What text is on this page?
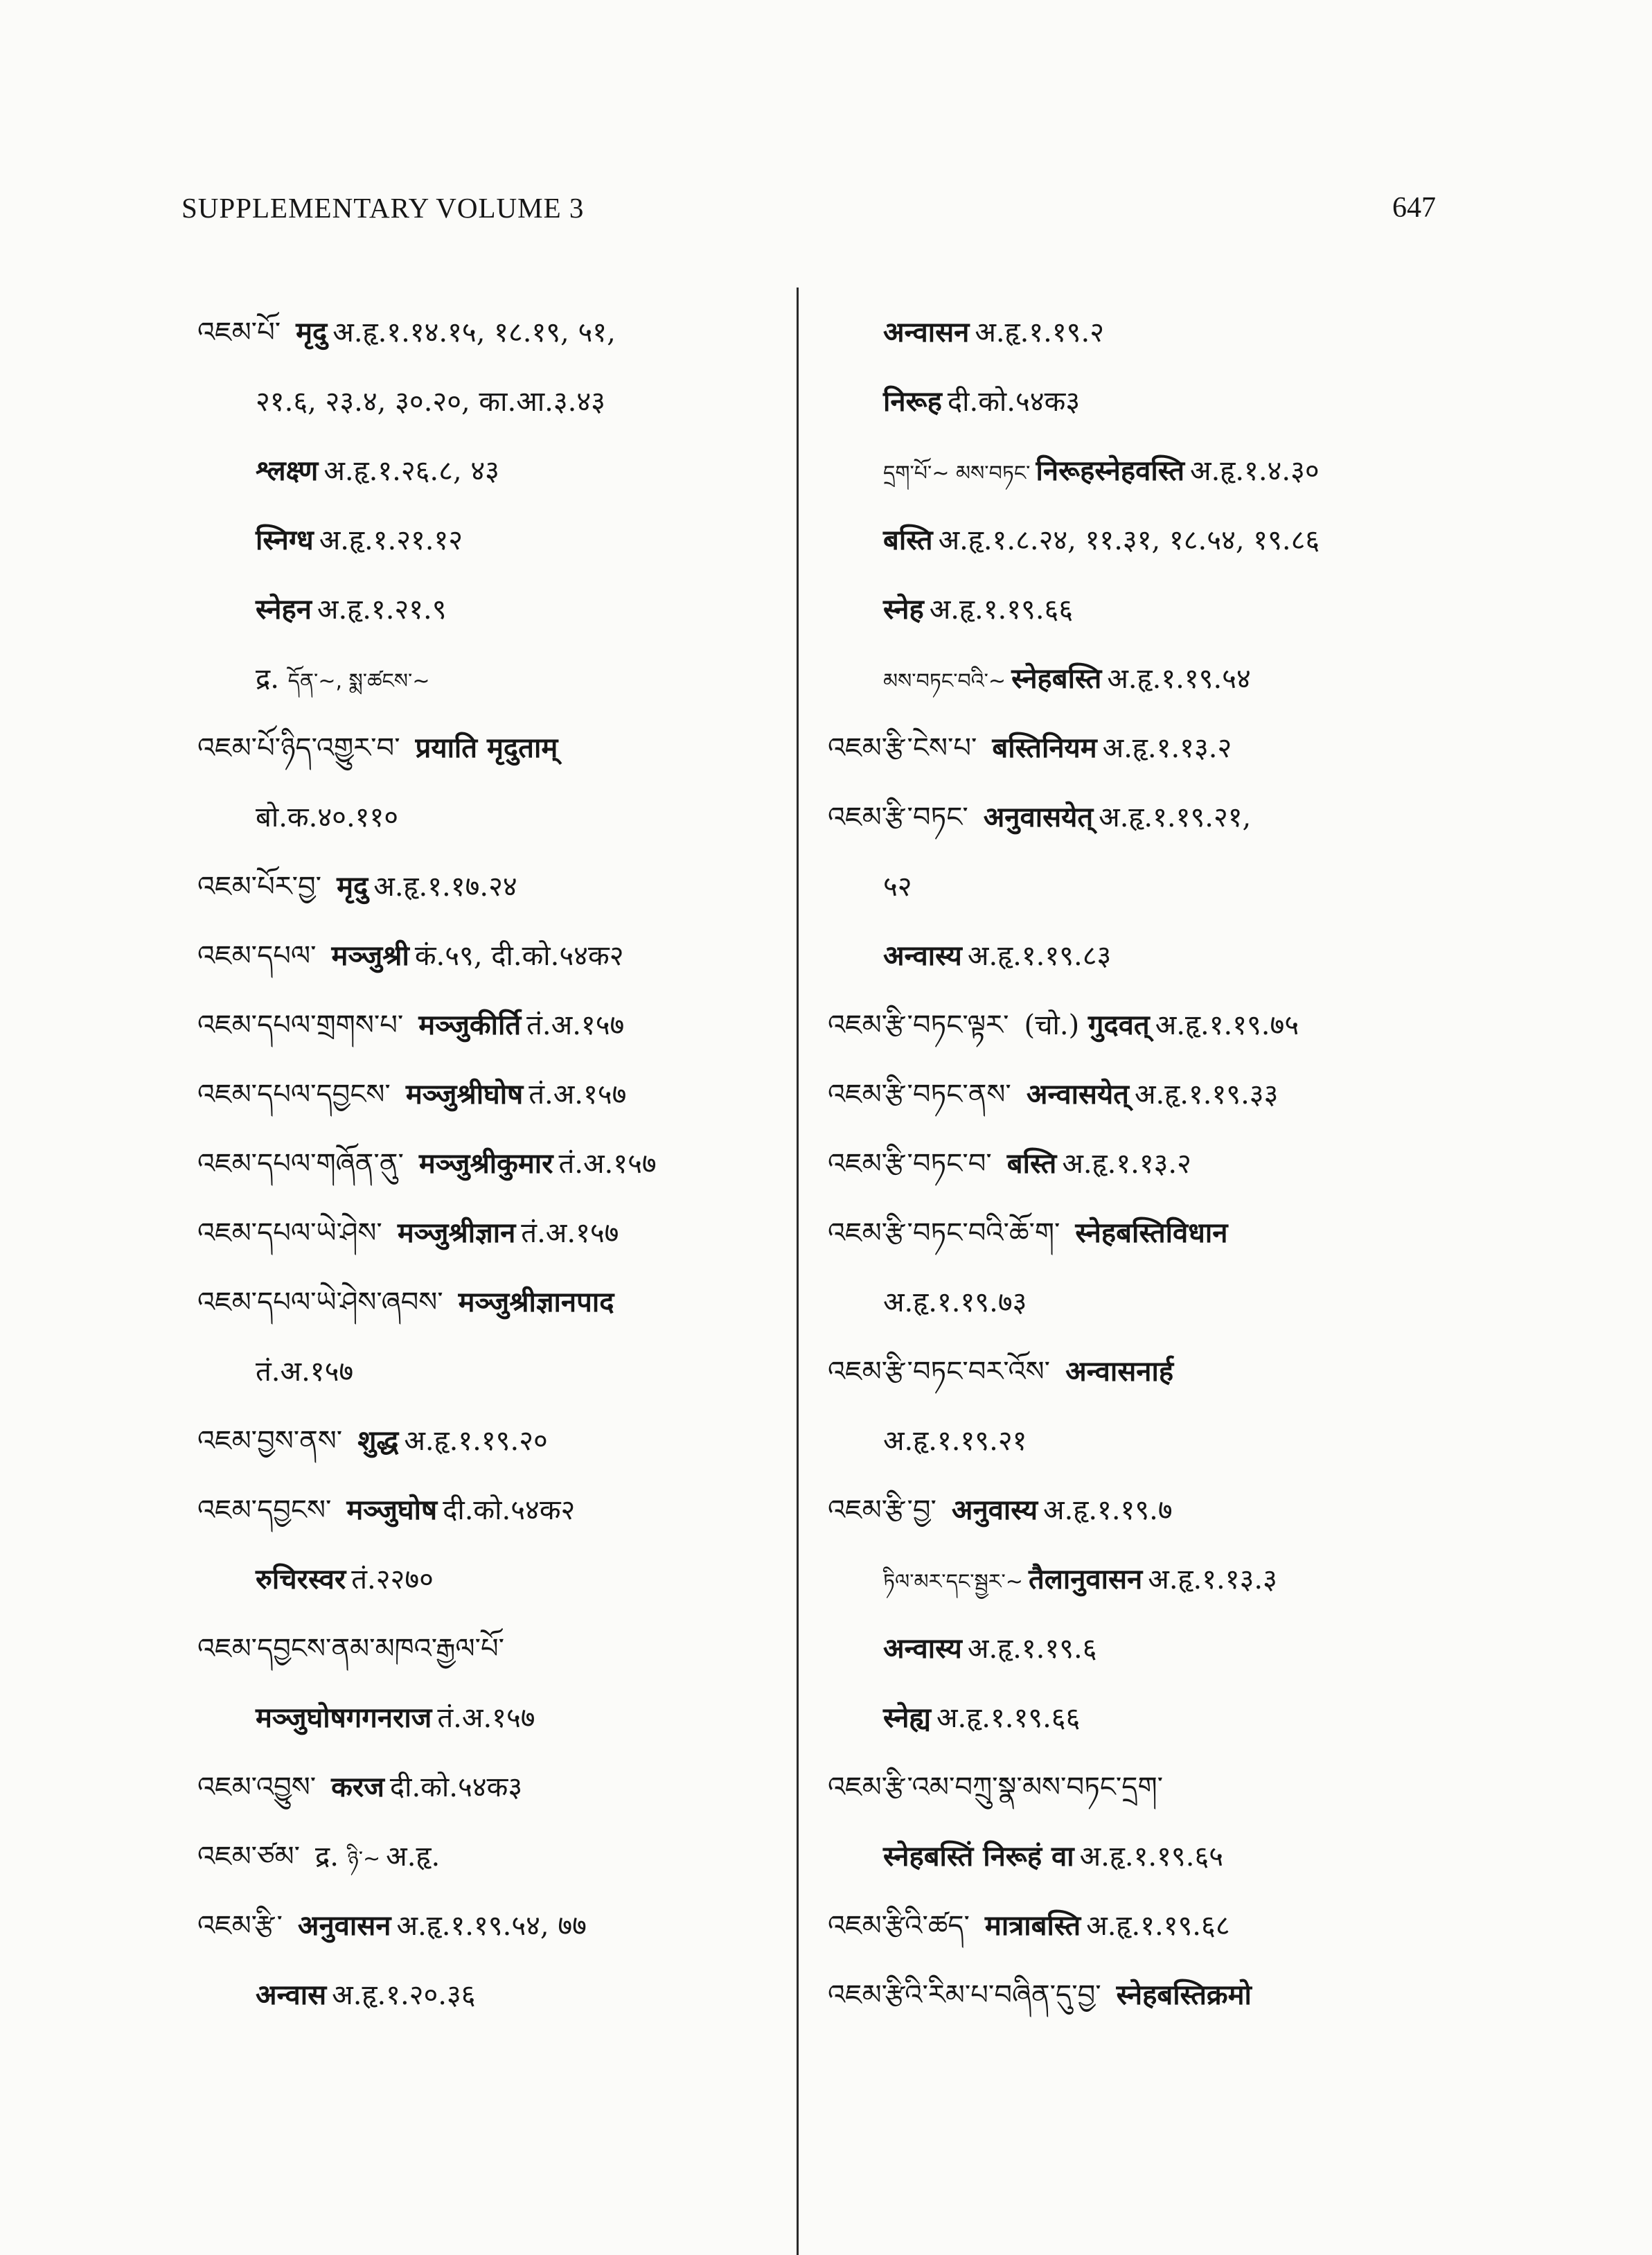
SUPPLEMENTARY VOLUME 3	647
འཇམ་པོ་ मृदु अ.हृ.१.१४.१५, १८.१९, ५१,
२१.६, २३.४, ३०.२०, का.आ.३.४३
श्लक्ष्ण अ.हृ.१.२६.८, ४३
स्निग्ध अ.हृ.१.२१.१२
स्नेहन अ.हृ.१.२१.९
द्र. དོན་~, སྨ་ཚངས་~
འཇམ་པོ་ཉིད་འགྱུར་བ་ प्रयाति मृदुताम्
बो.क.४०.११०
འཇམ་པོར་བྱ་ मृदु अ.हृ.१.१७.२४
འཇམ་དཔལ་ मञ्जुश्री कं.५९, दी.को.५४क२
འཇམ་དཔལ་གྲགས་པ་ मञ्जुकीर्ति तं.अ.१५७
འཇམ་དཔལ་དབྱངས་ मञ्जुश्रीघोष तं.अ.१५७
འཇམ་དཔལ་གཞོན་ནུ་ मञ्जुश्रीकुमार तं.अ.१५७
འཇམ་དཔལ་ཡེ་ཤེས་ मञ्जुश्रीज्ञान तं.अ.१५७
འཇམ་དཔལ་ཡེ་ཤེས་ཞབས་ मञ्जुश्रीज्ञानपाद
तं.अ.१५७
འཇམ་བྱས་ནས་ शुद्ध अ.हृ.१.१९.२०
འཇམ་དབྱངས་ मञ्जुघोष दी.को.५४क२
रुचिरस्वर तं.२२७०
འཇམ་དབྱངས་ནམ་མཁའ་རྒྱལ་པོ་
मञ्जुघोषगगनराज तं.अ.१५७
འཇམ་འབྱུས་ करज दी.को.५४क३
འཇམ་ཙམ་ द्र. ཉི་~ अ.हृ.
འཇམ་རྩི་ अनुवासन अ.हृ.१.१९.५४, ७७
अन्वास अ.हृ.१.२०.३६
अन्वासन अ.हृ.१.१९.२
निरूह दी.को.५४क३
དྲག་པོ་~ མས་བཏང་ निरूहस्नेहवस्ति अ.हृ.१.४.३०
बस्ति अ.हृ.१.८.२४, ११.३१, १८.५४, १९.८६
स्नेह अ.हृ.१.१९.६६
མས་བཏང་བའི་~ स्नेहबस्ति अ.हृ.१.१९.५४
འཇམ་རྩི་ངེས་པ་ बस्तिनियम अ.हृ.१.१३.२
འཇམ་རྩི་བཏང་ अनुवासयेत् अ.हृ.१.१९.२१,
५२
अन्वास्य अ.हृ.१.१९.८३
འཇམ་རྩི་བཏང་ལྟར་ (चो.) गुदवत् अ.हृ.१.१९.७५
འཇམ་རྩི་བཏང་ནས་ अन्वासयेत् अ.हृ.१.१९.३३
འཇམ་རྩི་བཏང་བ་ बस्ति अ.हृ.१.१३.२
འཇམ་རྩི་བཏང་བའི་ཆོ་ག་ स्नेहबस्तिविधान
अ.हृ.१.१९.७३
འཇམ་རྩི་བཏང་བར་འོས་ अन्वासनार्ह
अ.हृ.१.१९.२१
འཇམ་རྩི་བྱ་ अनुवास्य अ.हृ.१.१९.७
ཏིལ་མར་དང་སྦྱར་~ तैलानुवासन अ.हृ.१.१३.३
अन्वास्य अ.हृ.१.१९.६
स्नेह्य अ.हृ.१.१९.६६
འཇམ་རྩི་འམ་བཀྲུ་སྣ་མས་བཏང་དྲག་
स्नेहबस्तिं निरूहं वा अ.हृ.१.१९.६५
འཇམ་རྩིའི་ཚད་ मात्राबस्ति अ.हृ.१.१९.६८
འཇམ་རྩིའི་རིམ་པ་བཞིན་དུ་བྱ་ स्नेहबस्तिक्रमो
